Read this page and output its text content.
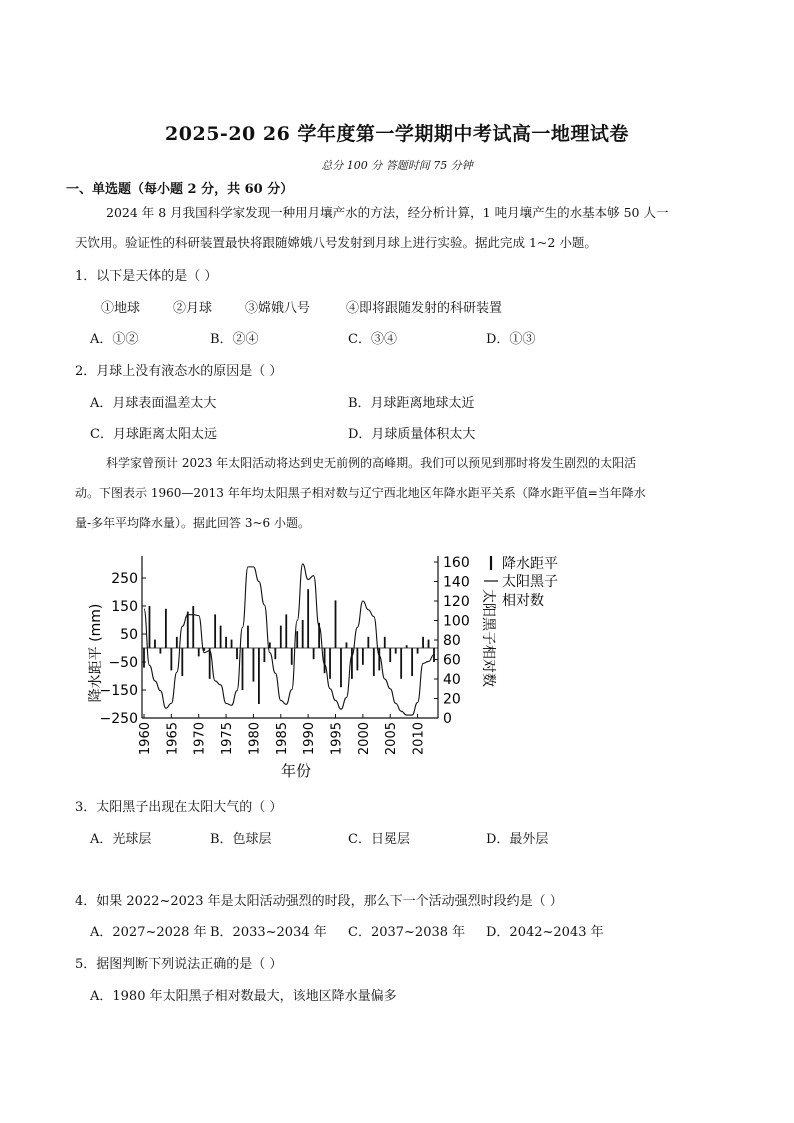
2025-20 26 学年度第一学期期中考试高一地理试卷
总分 100 分 答题时间 75 分钟
一、单选题（每小题 2 分，共 60 分）
2024 年 8 月我国科学家发现一种用月壤产水的方法，经分析计算，1 吨月壤产生的水基本够 50 人一
天饮用。验证性的科研装置最快将跟随嫦娥八号发射到月球上进行实验。据此完成 1~2 小题。
1．以下是天体的是（ ）
①地球	②月球	③嫦娥八号	④即将跟随发射的科研装置
A．①②	B．②④	C．③④	D．①③
2．月球上没有液态水的原因是（ ）
A．月球表面温差太大	B．月球距离地球太近
C．月球距离太阳太远	D．月球质量体积太大
科学家曾预计 2023 年太阳活动将达到史无前例的高峰期。我们可以预见到那时将发生剧烈的太阳活
动。下图表示 1960—2013 年年均太阳黑子相对数与辽宁西北地区年降水距平关系（降水距平值=当年降水
量-多年平均降水量）。据此回答 3~6 小题。
250
150
50
−50
−150
−250
160
140
120
100
80
60
40
20
0
1960 1965 1970 1975 1980 1985 1990 1995 2000 2005 2010
降水距平 (mm)	太阳黑子相对数
年份
降水距平
太阳黑子
相对数
3．太阳黑子出现在太阳大气的（ ）
A．光球层	B．色球层	C．日冕层	D．最外层
4．如果 2022~2023 年是太阳活动强烈的时段，那么下一个活动强烈时段约是（ ）
A．2027~2028 年 B．2033~2034 年 C．2037~2038 年 D．2042~2043 年
5．据图判断下列说法正确的是（ ）
A．1980 年太阳黑子相对数最大，该地区降水量偏多
